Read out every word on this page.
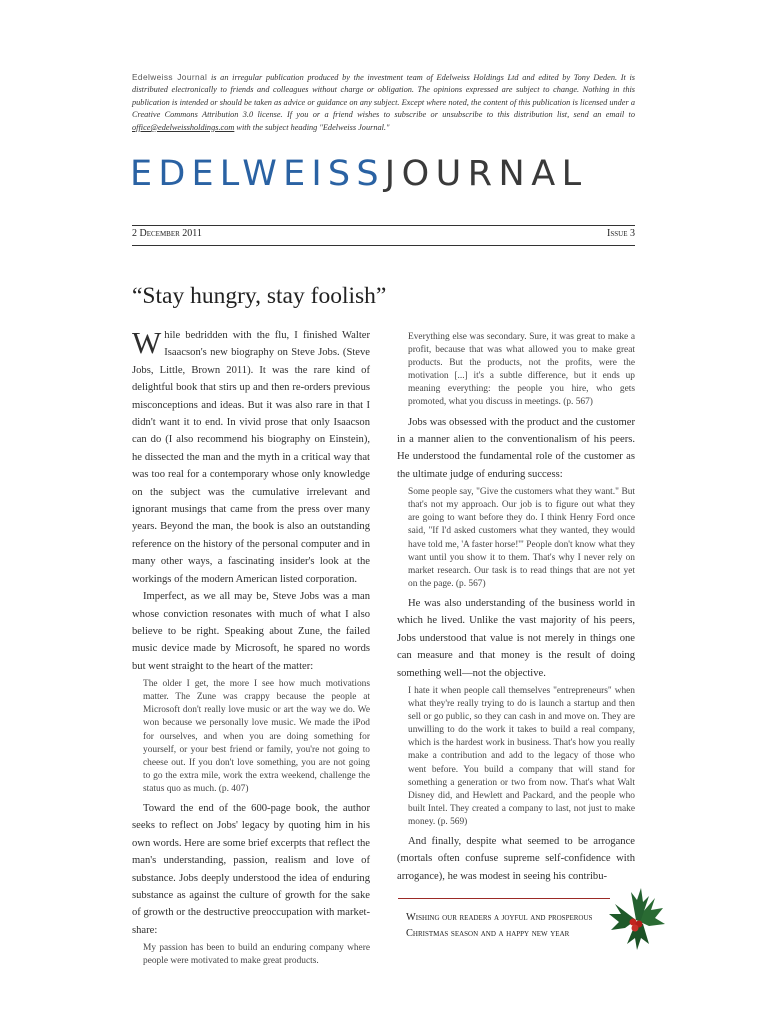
Edelweiss Journal is an irregular publication produced by the investment team of Edelweiss Holdings Ltd and edited by Tony Deden. It is distributed electronically to friends and colleagues without charge or obligation. The opinions expressed are subject to change. Nothing in this publication is intended or should be taken as advice or guidance on any subject. Except where noted, the content of this publication is licensed under a Creative Commons Attribution 3.0 license. If you or a friend wishes to subscribe or unsubscribe to this distribution list, send an email to office@edelweissholdings.com with the subject heading "Edelweiss Journal."
EDELWEISSJOURNAL
2 December 2011	Issue 3
“Stay hungry, stay foolish”

While bedridden with the flu, I finished Walter Isaacson's new biography on Steve Jobs. (Steve Jobs, Little, Brown 2011). It was the rare kind of delightful book that stirs up and then re-orders previous misconceptions and ideas. But it was also rare in that I didn't want it to end. In vivid prose that only Isaacson can do (I also recommend his biography on Einstein), he dissected the man and the myth in a critical way that was too real for a contemporary whose only knowledge on the subject was the cumulative irrelevant and ignorant musings that came from the press over many years. Beyond the man, the book is also an outstanding reference on the history of the personal computer and in many other ways, a fascinating insider's look at the workings of the modern American listed corporation.

Imperfect, as we all may be, Steve Jobs was a man whose conviction resonates with much of what I also believe to be right. Speaking about Zune, the failed music device made by Microsoft, he spared no words but went straight to the heart of the matter:

The older I get, the more I see how much motivations matter. The Zune was crappy because the people at Microsoft don't really love music or art the way we do. We won because we personally love music. We made the iPod for ourselves, and when you are doing something for yourself, or your best friend or family, you're not going to cheese out. If you don't love something, you are not going to go the extra mile, work the extra weekend, challenge the status quo as much. (p. 407)

Toward the end of the 600-page book, the author seeks to reflect on Jobs' legacy by quoting him in his own words. Here are some brief excerpts that reflect the man's understanding, passion, realism and love of substance. Jobs deeply understood the idea of enduring substance as against the culture of growth for the sake of growth or the destructive preoccupation with market-share:

My passion has been to build an enduring company where people were motivated to make great products.
Everything else was secondary. Sure, it was great to make a profit, because that was what allowed you to make great products. But the products, not the profits, were the motivation [...] it's a subtle difference, but it ends up meaning everything: the people you hire, who gets promoted, what you discuss in meetings. (p. 567)

Jobs was obsessed with the product and the customer in a manner alien to the conventionalism of his peers. He understood the fundamental role of the customer as the ultimate judge of enduring success:

Some people say, "Give the customers what they want." But that's not my approach. Our job is to figure out what they are going to want before they do. I think Henry Ford once said, "If I'd asked customers what they wanted, they would have told me, 'A faster horse!'" People don't know what they want until you show it to them. That's why I never rely on market research. Our task is to read things that are not yet on the page. (p. 567)

He was also understanding of the business world in which he lived. Unlike the vast majority of his peers, Jobs understood that value is not merely in things one can measure and that money is the result of doing something well—not the objective.

I hate it when people call themselves "entrepreneurs" when what they're really trying to do is launch a startup and then sell or go public, so they can cash in and move on. They are unwilling to do the work it takes to build a real company, which is the hardest work in business. That's how you really make a contribution and add to the legacy of those who went before. You build a company that will stand for something a generation or two from now. That's what Walt Disney did, and Hewlett and Packard, and the people who built Intel. They created a company to last, not just to make money. (p. 569)

And finally, despite what seemed to be arrogance (mortals often confuse supreme self-confidence with arrogance), he was modest in seeing his contribu-

Wishing our readers a joyful and prosperous
Christmas season and a happy new year
